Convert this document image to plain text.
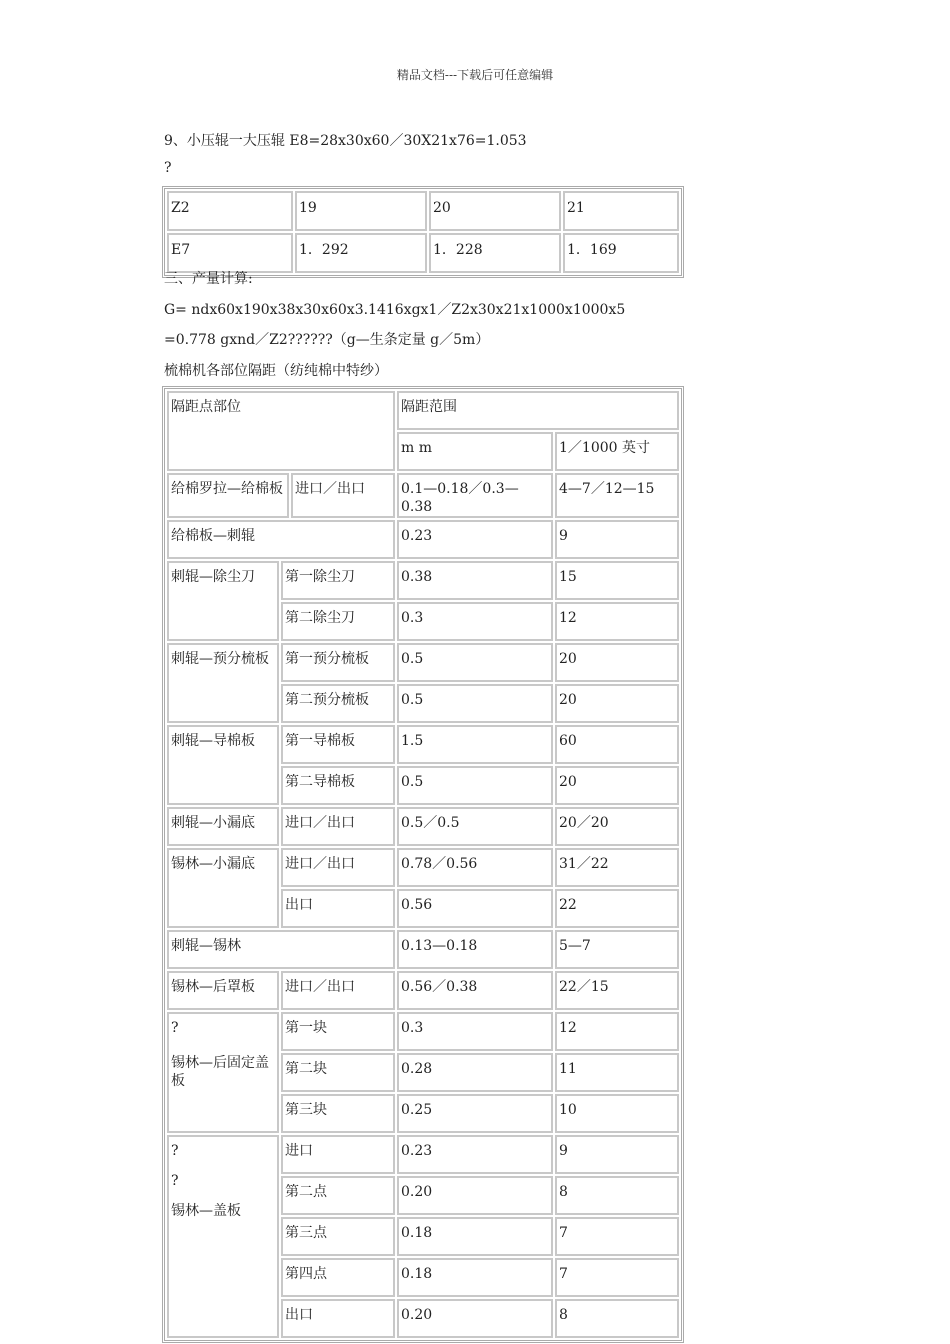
精品文档---下载后可任意编辑
9、小压辊一大压辊 E8=28x30x60／30X21x76=1.053
?
Z2	19	20	21
E7	1．292	1．228	1．169
三、产量计算:
G= ndx60x190x38x30x60x3.1416xgx1／Z2x30x21x1000x1000x5
=0.778 gxnd／Z2??????（g—生条定量 g／5m）
梳棉机各部位隔距（纺纯棉中特纱）
隔距点部位			隔距范围	
			m m	1／1000 英寸
给棉罗拉—给棉板		进口／出口	0.1—0.18／0.3—0.38	4—7／12—15
给棉板—刺辊			0.23	9
刺辊—除尘刀	第一除尘刀		0.38	15
	第二除尘刀		0.3	12
刺辊—预分梳板	第一预分梳板		0.5	20
	第二预分梳板		0.5	20
刺辊—导棉板	第一导棉板		1.5	60
	第二导棉板		0.5	20
刺辊—小漏底	进口／出口		0.5／0.5	20／20
锡林—小漏底	进口／出口		0.78／0.56	31／22
	出口		0.56	22
刺辊—锡林			0.13—0.18	5—7
锡林—后罩板	进口／出口		0.56／0.38	22／15

?
锡林—后固定盖板	第一块		0.3	12
	第二块		0.28	11
	第三块		0.25	10

?
?
锡林—盖板	进口		0.23	9
	第二点		0.20	8
	第三点		0.18	7
	第四点		0.18	7
	出口		0.20	8
